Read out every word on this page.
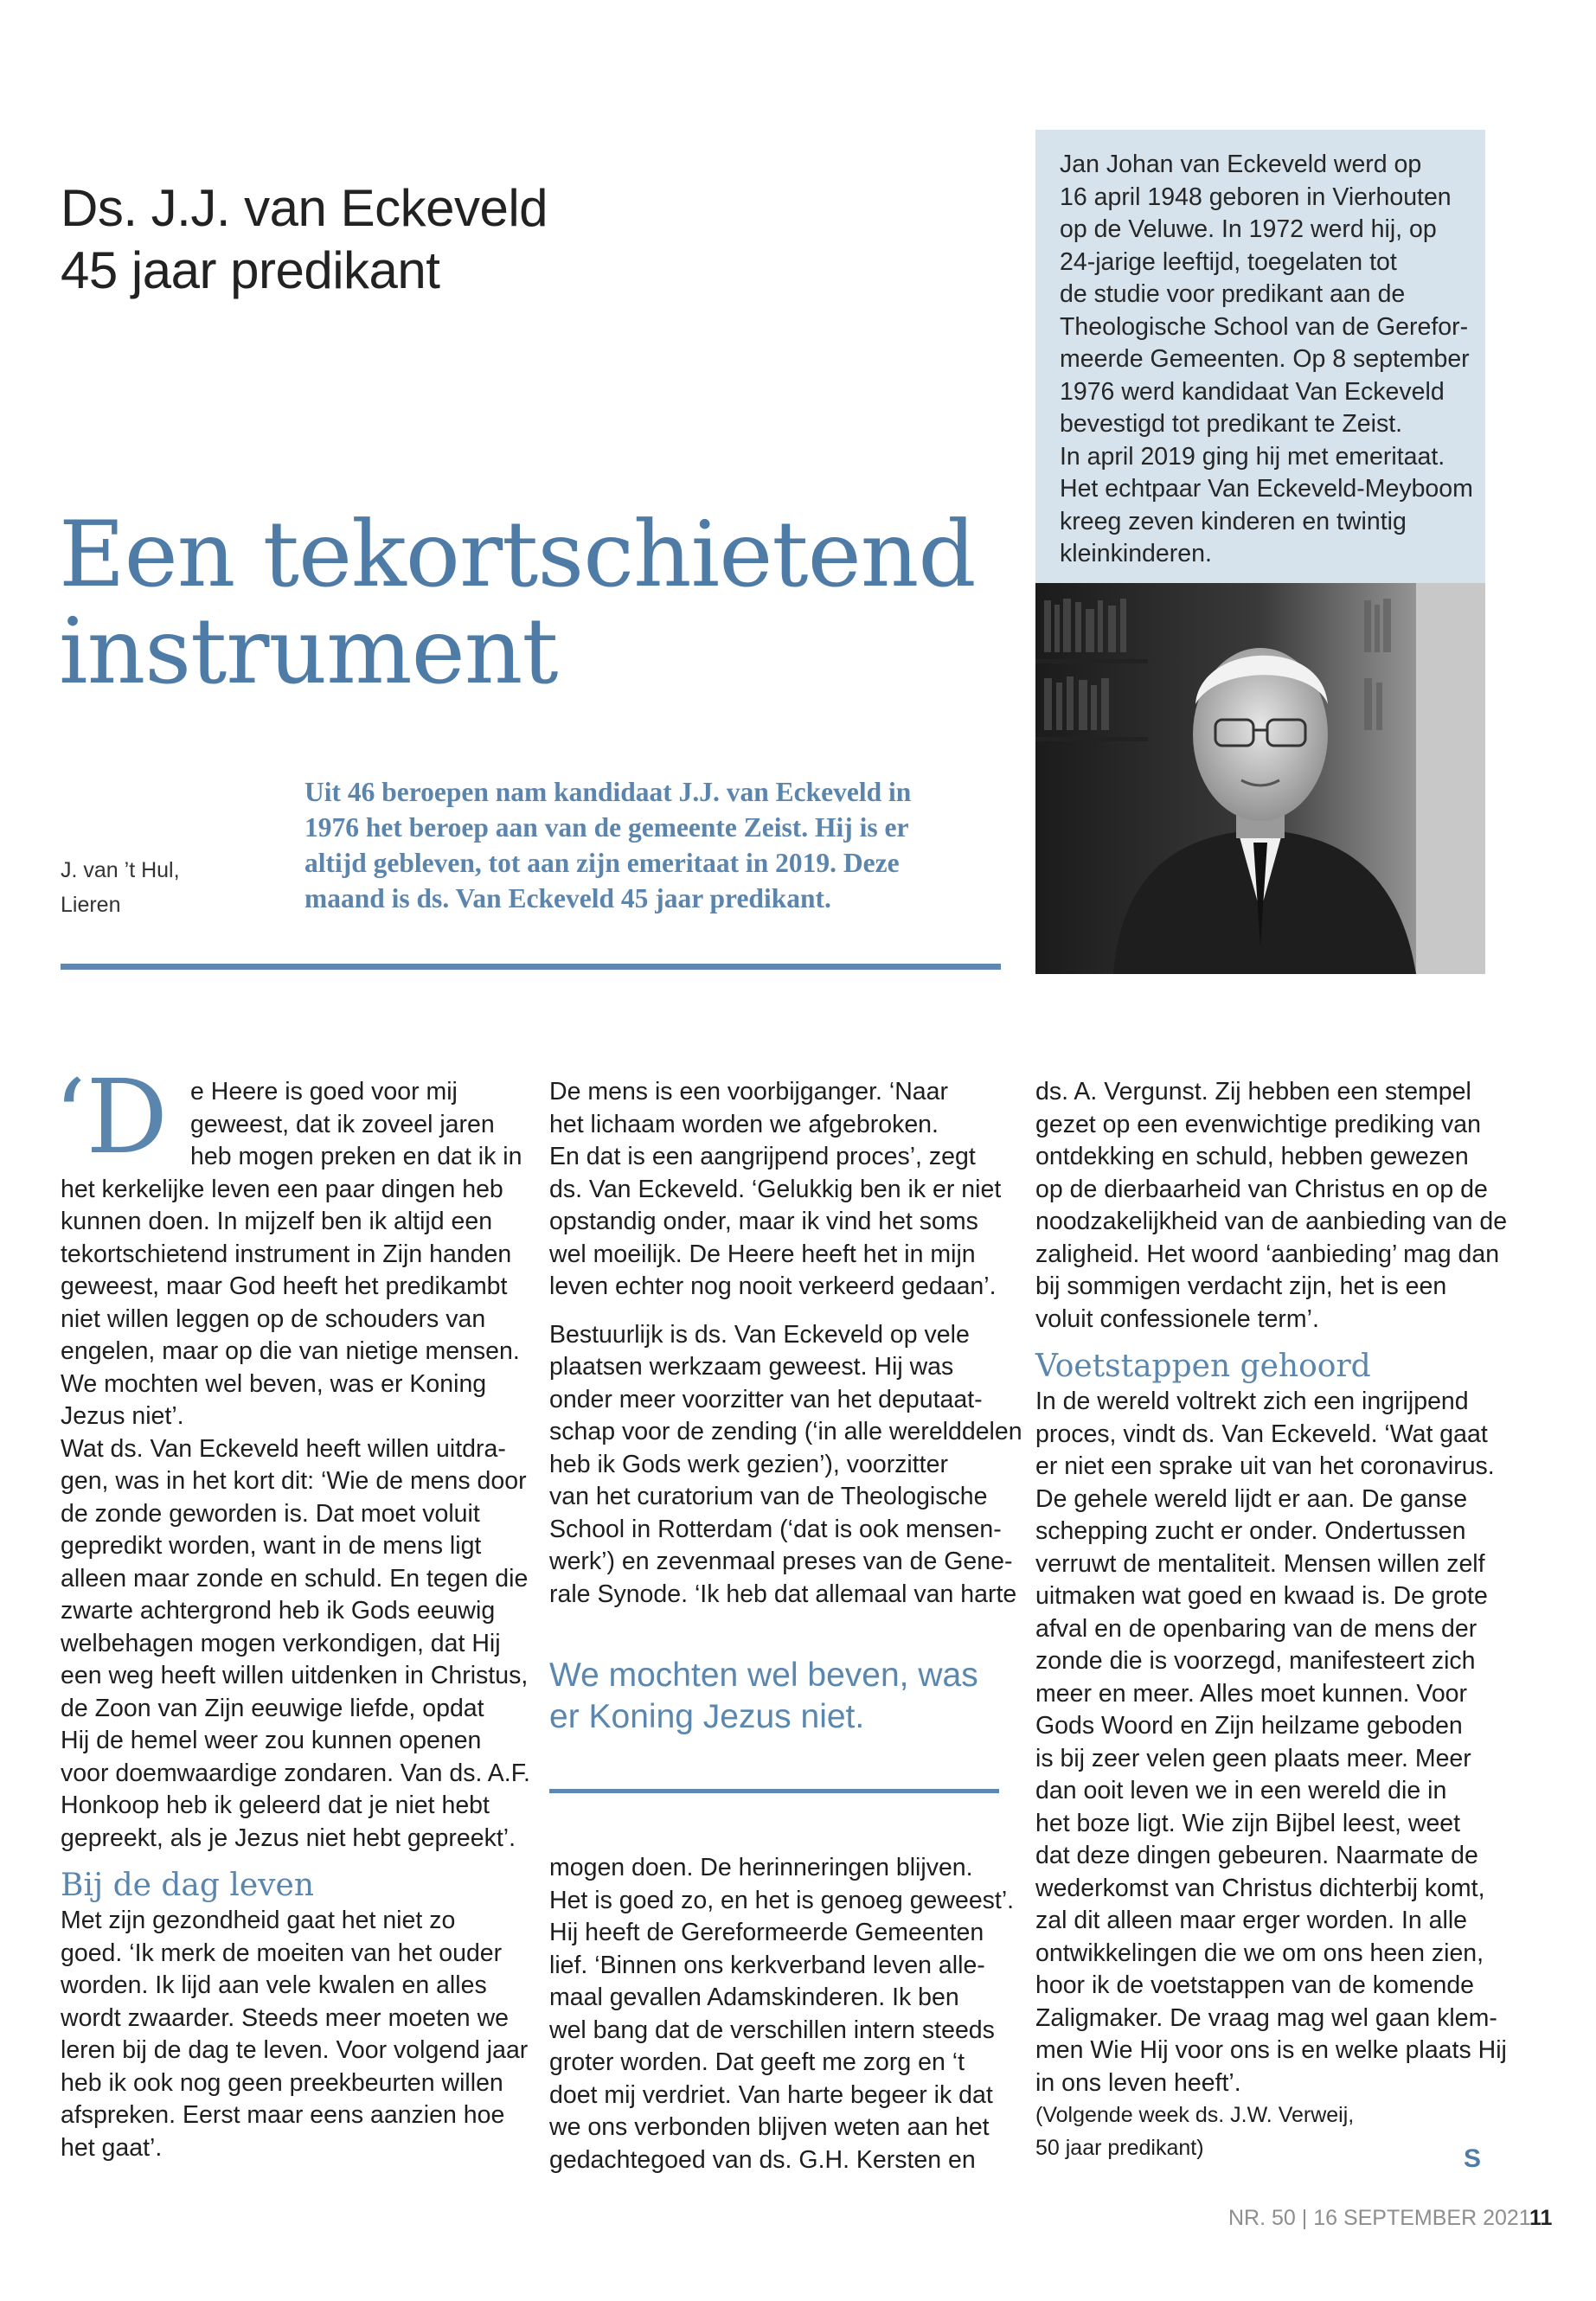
Ds. J.J. van Eckeveld
45 jaar predikant
Een tekortschietend
instrument
J. van ’t Hul,
Lieren
Uit 46 beroepen nam kandidaat J.J. van Eckeveld in
1976 het beroep aan van de gemeente Zeist. Hij is er
altijd gebleven, tot aan zijn emeritaat in 2019. Deze
maand is ds. Van Eckeveld 45 jaar predikant.
Jan Johan van Eckeveld werd op
16 april 1948 geboren in Vierhouten
op de Veluwe. In 1972 werd hij, op
24-jarige leeftijd, toegelaten tot
de studie voor predikant aan de
Theologische School van de Gerefor-
meerde Gemeenten. Op 8 september
1976 werd kandidaat Van Eckeveld
bevestigd tot predikant te Zeist.
In april 2019 ging hij met emeritaat.
Het echtpaar Van Eckeveld-Meyboom
kreeg zeven kinderen en twintig
kleinkinderen.
‘D e Heere is goed voor mij
geweest, dat ik zoveel jaren
heb mogen preken en dat ik in
het kerkelijke leven een paar dingen heb
kunnen doen. In mijzelf ben ik altijd een
tekortschietend instrument in Zijn handen
geweest, maar God heeft het predikambt
niet willen leggen op de schouders van
engelen, maar op die van nietige mensen.
We mochten wel beven, was er Koning
Jezus niet’.
Wat ds. Van Eckeveld heeft willen uitdra-
gen, was in het kort dit: ‘Wie de mens door
de zonde geworden is. Dat moet voluit
gepredikt worden, want in de mens ligt
alleen maar zonde en schuld. En tegen die
zwarte achtergrond heb ik Gods eeuwig
welbehagen mogen verkondigen, dat Hij
een weg heeft willen uitdenken in Christus,
de Zoon van Zijn eeuwige liefde, opdat
Hij de hemel weer zou kunnen openen
voor doemwaardige zondaren. Van ds. A.F.
Honkoop heb ik geleerd dat je niet hebt
gepreekt, als je Jezus niet hebt gepreekt’.
Bij de dag leven
Met zijn gezondheid gaat het niet zo
goed. ‘Ik merk de moeiten van het ouder
worden. Ik lijd aan vele kwalen en alles
wordt zwaarder. Steeds meer moeten we
leren bij de dag te leven. Voor volgend jaar
heb ik ook nog geen preekbeurten willen
afspreken. Eerst maar eens aanzien hoe
het gaat’.
De mens is een voorbijganger. ‘Naar
het lichaam worden we afgebroken.
En dat is een aangrijpend proces’, zegt
ds. Van Eckeveld. ‘Gelukkig ben ik er niet
opstandig onder, maar ik vind het soms
wel moeilijk. De Heere heeft het in mijn
leven echter nog nooit verkeerd gedaan’.
Bestuurlijk is ds. Van Eckeveld op vele
plaatsen werkzaam geweest. Hij was
onder meer voorzitter van het deputaat-
schap voor de zending (‘in alle werelddelen
heb ik Gods werk gezien’), voorzitter
van het curatorium van de Theologische
School in Rotterdam (‘dat is ook mensen-
werk’) en zevenmaal preses van de Gene-
rale Synode. ‘Ik heb dat allemaal van harte
We mochten wel beven, was
er Koning Jezus niet.
mogen doen. De herinneringen blijven.
Het is goed zo, en het is genoeg geweest’.
Hij heeft de Gereformeerde Gemeenten
lief. ‘Binnen ons kerkverband leven alle-
maal gevallen Adamskinderen. Ik ben
wel bang dat de verschillen intern steeds
groter worden. Dat geeft me zorg en ‘t
doet mij verdriet. Van harte begeer ik dat
we ons verbonden blijven weten aan het
gedachtegoed van ds. G.H. Kersten en
ds. A. Vergunst. Zij hebben een stempel
gezet op een evenwichtige prediking van
ontdekking en schuld, hebben gewezen
op de dierbaarheid van Christus en op de
noodzakelijkheid van de aanbieding van de
zaligheid. Het woord ‘aanbieding’ mag dan
bij sommigen verdacht zijn, het is een
voluit confessionele term’.
Voetstappen gehoord
In de wereld voltrekt zich een ingrijpend
proces, vindt ds. Van Eckeveld. ‘Wat gaat
er niet een sprake uit van het coronavirus.
De gehele wereld lijdt er aan. De ganse
schepping zucht er onder. Ondertussen
verruwt de mentaliteit. Mensen willen zelf
uitmaken wat goed en kwaad is. De grote
afval en de openbaring van de mens der
zonde die is voorzegd, manifesteert zich
meer en meer. Alles moet kunnen. Voor
Gods Woord en Zijn heilzame geboden
is bij zeer velen geen plaats meer. Meer
dan ooit leven we in een wereld die in
het boze ligt. Wie zijn Bijbel leest, weet
dat deze dingen gebeuren. Naarmate de
wederkomst van Christus dichterbij komt,
zal dit alleen maar erger worden. In alle
ontwikkelingen die we om ons heen zien,
hoor ik de voetstappen van de komende
Zaligmaker. De vraag mag wel gaan klem-
men Wie Hij voor ons is en welke plaats Hij
in ons leven heeft’.
(Volgende week ds. J.W. Verweij,
50 jaar predikant)	S
NR. 50 | 16 SEPTEMBER 2021
11
